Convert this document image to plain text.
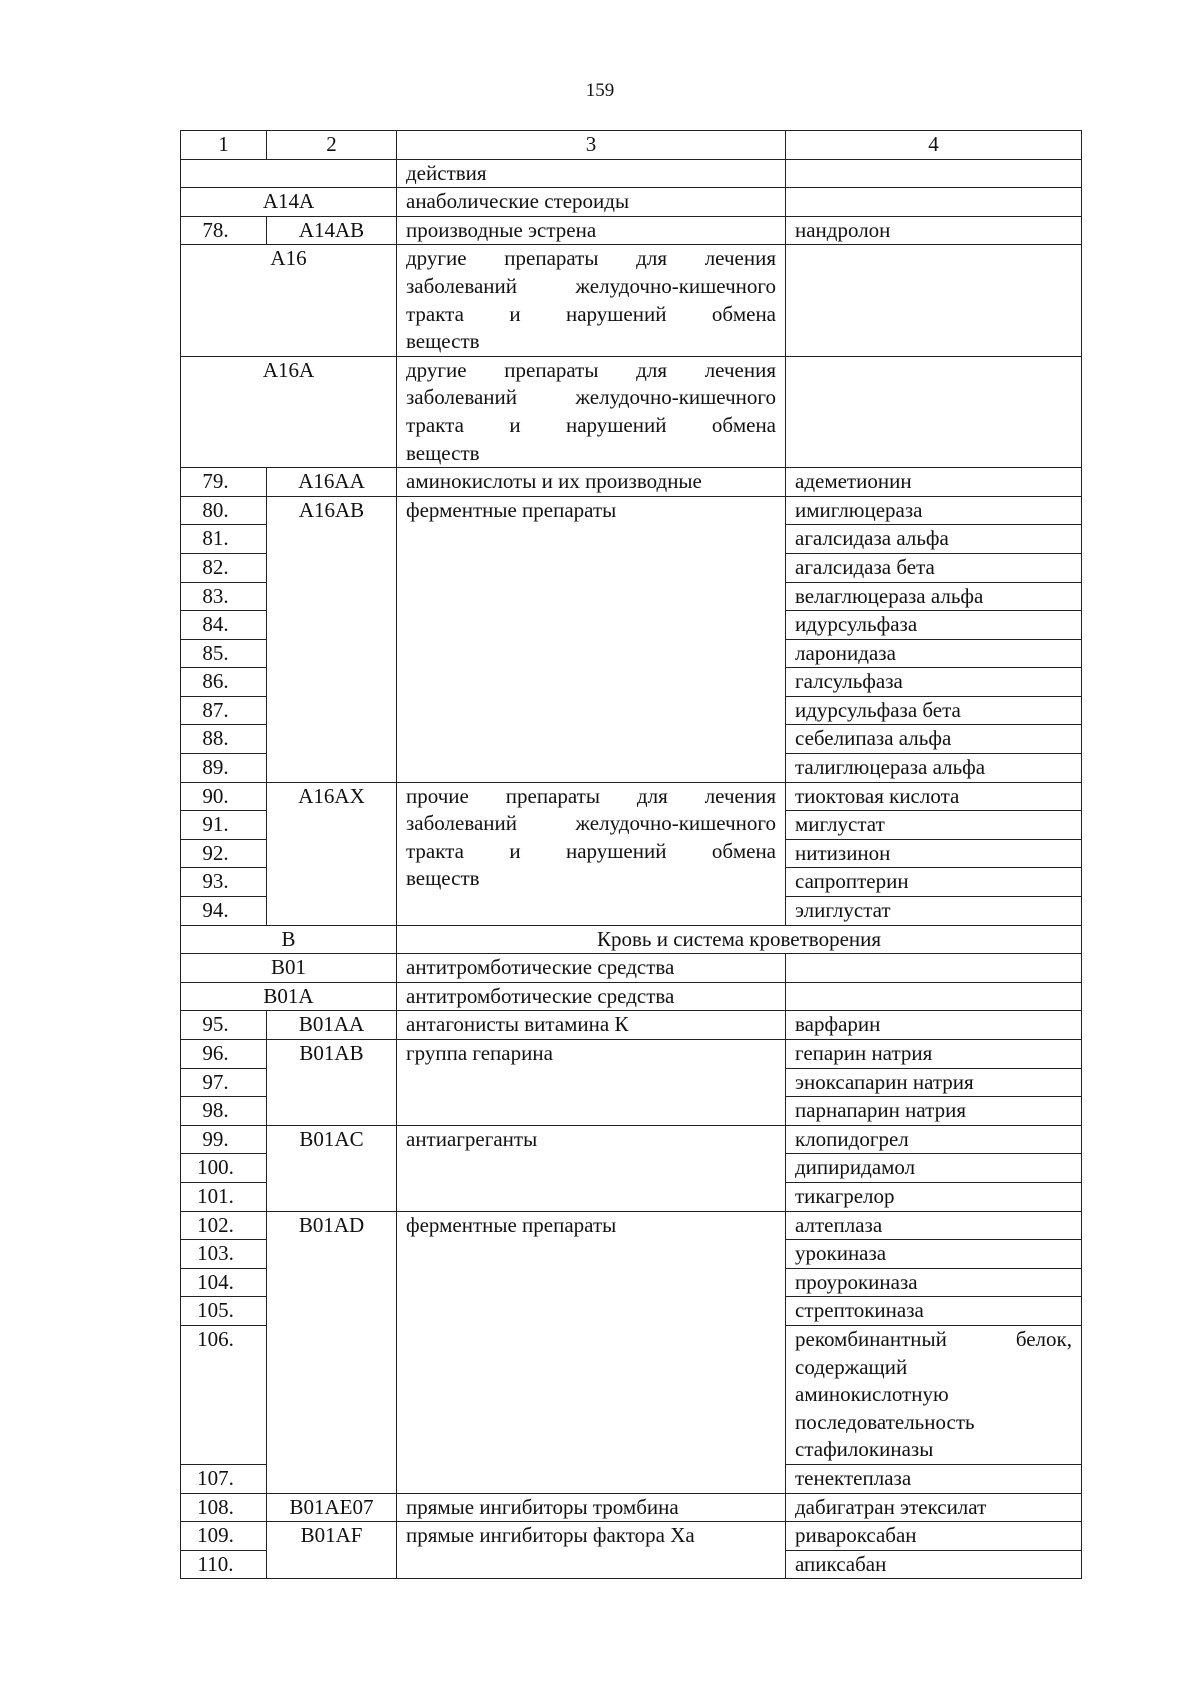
159
1	2	3	4
		действия	
A14A		анаболические стероиды	
78.	A14AB	производные эстрена	нандролон
A16		другие препараты для лечения
заболеваний желудочно-кишечного
тракта и нарушений обмена

веществ	

A16A		другие препараты для лечения
заболеваний желудочно-кишечного
тракта и нарушений обмена

веществ	

79.	A16AA	аминокислоты и их производные	адеметионин
80.	A16AB	ферментные препараты	имиглюцераза
81.			агалсидаза альфа
82.			агалсидаза бета
83.			велаглюцераза альфа
84.			идурсульфаза
85.			ларонидаза
86.			галсульфаза
87.			идурсульфаза бета
88.			себелипаза альфа
89.			талиглюцераза альфа
90.	A16AX	прочие препараты для лечения
заболеваний желудочно-кишечного
тракта и нарушений обмена

веществ	тиоктовая кислота
91.			миглустат
92.			нитизинон
93.			сапроптерин
94.			элиглустат
B		Кровь и система кроветворения	
B01		антитромботические средства	
B01A		антитромботические средства	
95.	B01AA	антагонисты витамина К	варфарин
96.	B01AB	группа гепарина	гепарин натрия
97.			эноксапарин натрия
98.			парнапарин натрия
99.	B01AC	антиагреганты	клопидогрел
100.			дипиридамол
101.			тикагрелор
102.	B01AD	ферментные препараты	алтеплаза
103.			урокиназа
104.			проурокиназа
105.			стрептокиназа
106.			рекомбинантный белок,

содержащий
аминокислотную
последовательность
стафилокиназы

107.			тенектеплаза
108.	B01AE07	прямые ингибиторы тромбина	дабигатран этексилат
109.	B01AF	прямые ингибиторы фактора Ха	ривароксабан
110.			апиксабан
